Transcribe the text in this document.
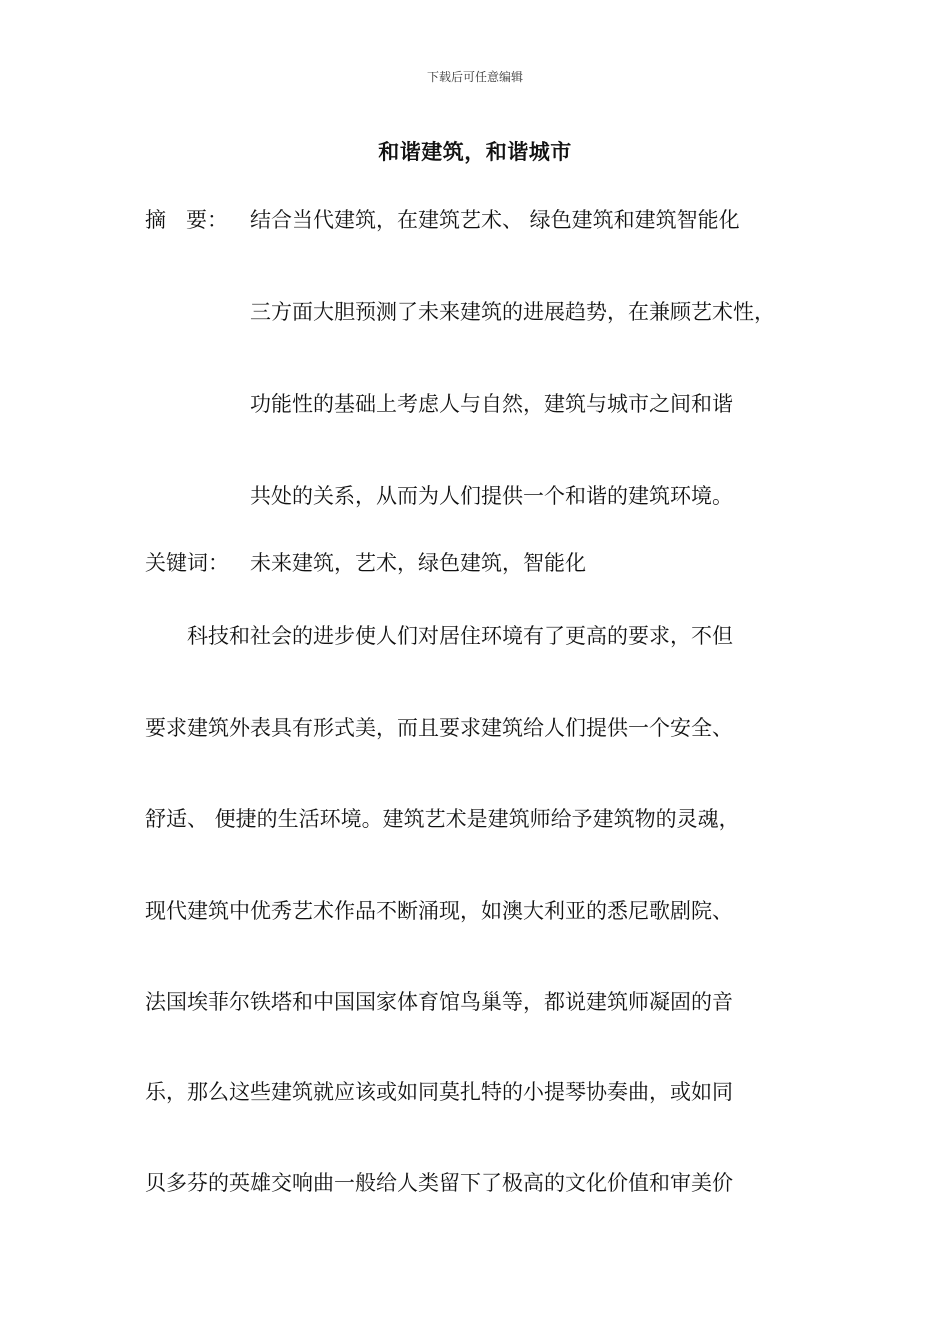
下载后可任意编辑
和谐建筑，和谐城市
摘 要：	结合当代建筑，在建筑艺术、 绿色建筑和建筑智能化
三方面大胆预测了未来建筑的进展趋势，在兼顾艺术性，
功能性的基础上考虑人与自然，建筑与城市之间和谐
共处的关系，从而为人们提供一个和谐的建筑环境。
关键词： 未来建筑，艺术，绿色建筑，智能化
　　科技和社会的进步使人们对居住环境有了更高的要求，不但
要求建筑外表具有形式美，而且要求建筑给人们提供一个安全、
舒适、 便捷的生活环境。建筑艺术是建筑师给予建筑物的灵魂，
现代建筑中优秀艺术作品不断涌现，如澳大利亚的悉尼歌剧院、
法国埃菲尔铁塔和中国国家体育馆鸟巢等，都说建筑师凝固的音
乐，那么这些建筑就应该或如同莫扎特的小提琴协奏曲，或如同
贝多芬的英雄交响曲一般给人类留下了极高的文化价值和审美价
